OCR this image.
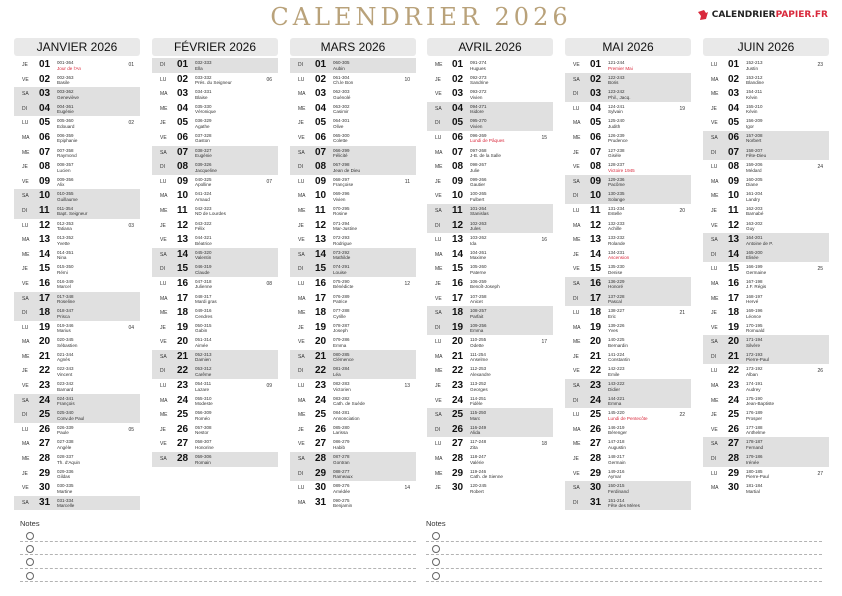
CALENDRIER 2026	CALENDRIER PAPIER.FR
JANVIER 2026
JE 01 001-364
Jour de l'An	01
VE 02 002-363
Basile
SA 03 003-362
Geneviève
DI 04 004-361
Eugénie
LU 05 005-360
Edouard	02
MA 06 006-359
Epiphanie
ME 07 007-358
Raymond
JE 08 008-357
Lucien
VE 09 009-356
Alix
SA 10 010-355
Guillaume
DI 11 011-354
Bapt. Seigneur
LU 12 012-353
Tatiana	03
MA 13 013-352
Yvette
ME 14 014-351
Nina
JE 15 015-350
Rémi
VE 16 016-349
Marcel
SA 17 017-348
Roseline
DI 18 018-347
Prisca
LU 19 019-346
Marius	04
MA 20 020-345
Sébastien
ME 21 021-344
Agnès
JE 22 022-343
Vincent
VE 23 023-342
Barnard
SA 24 024-341
François
DI 25 025-340
Conv.de Paul
LU 26 026-339
Paule	05
MA 27 027-338
Angèle
ME 28 028-337
Th. d'Aquin
JE 29 029-336
Gildas
VE 30 030-335
Martine
SA 31 031-334
Marcelle
FÉVRIER 2026
DI 01 032-333
Ella
LU 02 033-332
Prés. du Seigneur	06
MA 03 034-331
Blaise
ME 04 035-330
Véronique
JE 05 036-329
Agathe
VE 06 037-328
Gaston
SA 07 038-327
Eugénie
DI 08 039-326
Jacqueline
LU 09 040-325
Apolline	07
MA 10 041-324
Arnaud
ME 11 042-323
ND de Lourdes
JE 12 043-322
Félix
VE 13 044-321
Béatrice
SA 14 045-320
Valentin
DI 15 046-319
Claude
LU 16 047-318
Julienne	08
MA 17 048-317
Mardi gras
ME 18 049-316
Cendres
JE 19 050-315
Gabin
VE 20 051-314
Aimée
SA 21 052-313
Damien
DI 22 053-312
Carême
LU 23 054-311
Lazare	09
MA 24 055-310
Modeste
ME 25 056-309
Roméo
JE 26 057-308
Nestor
VE 27 058-307
Honorine
SA 28 059-306
Romain
MARS 2026
DI 01 060-305
Aubin
LU 02 061-304
Ch.le Bon	10
MA 03 062-303
Guénolé
ME 04 063-302
Casimir
JE 05 064-301
Olive
VE 06 065-300
Colette
SA 07 066-299
Félicité
DI 08 067-298
Jean de Dieu
LU 09 068-297
Françoise	11
MA 10 069-296
Vivien
ME 11 070-295
Rosine
JE 12 071-294
Mar-Justine
VE 13 072-293
Rodrigue
SA 14 073-292
Mathilde
DI 15 074-291
Louise
LU 16 075-290
Bénédicte	12
MA 17 076-289
Patrice
ME 18 077-288
Cyrille
JE 19 078-287
Joseph
VE 20 079-286
Emma
SA 21 080-285
Clémence
DI 22 081-284
Léa
LU 23 082-283
Victorien	13
MA 24 083-282
Cath. de Suède
ME 25 084-281
Annonciation
JE 26 085-280
Larissa
VE 27 086-279
Habib
SA 28 087-278
Gontran
DI 29 088-277
Rameaux
LU 30 089-276
Amédée	14
MA 31 090-275
Benjamin
AVRIL 2026
ME 01 091-274
Hugues
JE 02 092-273
Sandrine
VE 03 093-272
Vivien
SA 04 094-271
Isidore
DI 05 095-270
Vivien
LU 06 096-269
Lundi de Pâques	15
MA 07 097-268
J-B. de la Salle
ME 08 098-267
Julie
JE 09 099-266
Gautier
VE 10 100-265
Fulbert
SA 11 101-264
Stanislas
DI 12 102-263
Jules
LU 13 103-262
Ida	16
MA 14 104-261
Maxime
ME 15 105-260
Paterne
JE 16 106-259
Benoît-Joseph
VE 17 107-258
Anicet
SA 18 108-257
Parfait
DI 19 109-256
Emma
LU 20 110-255
Odette	17
MA 21 111-254
Anselme
ME 22 112-253
Alexandre
JE 23 113-252
Georges
VE 24 114-251
Fidèle
SA 25 115-250
Marc
DI 26 116-249
Alida
LU 27 117-248
Zita	18
MA 28 118-247
Valérie
ME 29 119-246
Cath. de Sienne
JE 30 120-245
Robert
MAI 2026
VE 01 121-244
Premier Mai
SA 02 122-243
Boris
DI 03 123-242
Phil., Jacq.
LU 04 124-241
Sylvain	19
MA 05 125-240
Judith
ME 06 126-239
Prudence
JE 07 127-238
Gisèle
VE 08 128-237
Victoire 1945
SA 09 129-236
Pacôme
DI 10 130-235
Solange
LU 11 131-234
Estelle	20
MA 12 132-233
Achille
ME 13 133-232
Rolande
JE 14 134-231
Ascension
VE 15 135-230
Denise
SA 16 136-229
Honoré
DI 17 137-228
Pascal
LU 18 138-227
Eric	21
MA 19 139-226
Yves
ME 20 140-225
Bernardin
JE 21 141-224
Constantin
VE 22 142-223
Emile
SA 23 143-222
Didier
DI 24 144-221
Emma
LU 25 145-220
Lundi de Pentecôte	22
MA 26 146-219
Bérenger
ME 27 147-218
Augustin
JE 28 148-217
Germain
VE 29 149-216
Aymar
SA 30 150-215
Ferdinand
DI 31 151-214
Fête des Mères
JUIN 2026
LU 01 152-213
Justin	23
MA 02 153-212
Blandine
ME 03 154-211
Kévin
JE 04 155-210
Kévin
VE 05 156-209
Igor
SA 06 157-208
Norbert
DI 07 158-207
Fête-Dieu
LU 08 159-206
Médard	24
MA 09 160-205
Diane
ME 10 161-204
Landry
JE 11 162-203
Barnabé
VE 12 163-202
Guy
SA 13 164-201
Antoine de P.
DI 14 165-200
Elisée
LU 15 166-199
Germaine	25
MA 16 167-198
J.F. Régis
ME 17 168-197
Hervé
JE 18 169-196
Léonce
VE 19 170-195
Romuald
SA 20 171-194
Silvère
DI 21 172-193
Pierre-Paul
LU 22 173-192
Alban	26
MA 23 174-191
Audrey
ME 24 175-190
Jean-Baptiste
JE 25 176-189
Prosper
VE 26 177-188
Anthelme
SA 27 178-187
Fernand
DI 28 179-186
Irénée
LU 29 180-185
Pierre-Paul	27
MA 30 181-184
Martial
Notes	Notes
